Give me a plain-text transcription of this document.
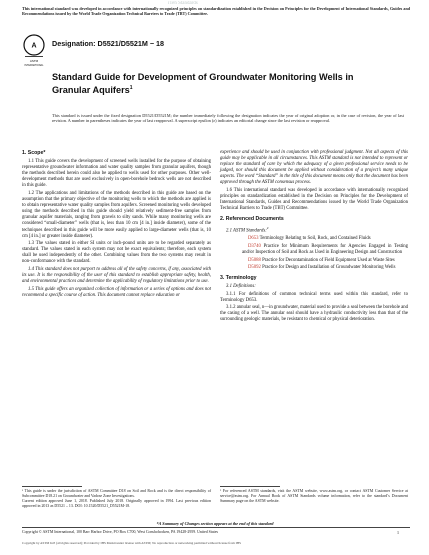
iTeh Standards
This international standard was developed in accordance with internationally recognized principles on standardization established in the Decision on Principles for the Development of International Standards, Guides and Recommendations issued by the World Trade Organization Technical Barriers to Trade (TBT) Committee.
A
ASTM
INTERNATIONAL
Designation: D5521/D5521M − 18
Standard Guide for Development of Groundwater Monitoring Wells in Granular Aquifers$^1$
This standard is issued under the fixed designation D5521/D5521M; the number immediately following the designation indicates the year of original adoption or, in the case of revision, the year of last revision. A number in parentheses indicates the year of last reapproval. A superscript epsilon (ε) indicates an editorial change since the last revision or reapproval.
1. Scope*

1.1 This guide covers the development of screened wells installed for the purpose of obtaining representative groundwater information and water quality samples from granular aquifers, though the methods described herein could also be applied to wells used for other purposes. Other well-development methods that are used exclusively in open-borehole bedrock wells are not described in this guide.

1.2 The applications and limitations of the methods described in this guide are based on the assumption that the primary objective of the monitoring wells to which the methods are applied is to obtain representative water quality samples from aquifers. Screened monitoring wells developed using the methods described in this guide should yield relatively sediment-free samples from granular aquifer materials, ranging from gravels to silty sands. While many monitoring wells are considered “small-diameter” wells (that is, less than 10 cm [4 in.] inside diameter), some of the techniques described in this guide will be more easily applied to large-diameter wells (that is, 10 cm [4 in.] or greater inside diameter).

1.3 The values stated in either SI units or inch-pound units are to be regarded separately as standard. The values stated in each system may not be exact equivalents; therefore, each system shall be used independently of the other. Combining values from the two systems may result in non-conformance with the standard.

1.4 This standard does not purport to address all of the safety concerns, if any, associated with its use. It is the responsibility of the user of this standard to establish appropriate safety, health, and environmental practices and determine the applicability of regulatory limitations prior to use.

1.5 This guide offers an organized collection of information or a series of options and does not recommend a specific course of action. This document cannot replace education or

experience and should be used in conjunction with professional judgment. Not all aspects of this guide may be applicable in all circumstances. This ASTM standard is not intended to represent or replace the standard of care by which the adequacy of a given professional service needs to be judged, nor should this document be applied without consideration of a project’s many unique aspects. The word “Standard” in the title of this document means only that the document has been approved through the ASTM consensus process.

1.6 This international standard was developed in accordance with internationally recognized principles on standardization established in the Decision on Principles for the Development of International Standards, Guides and Recommendations issued by the World Trade Organization Technical Barriers to Trade (TBT) Committee.

2. Referenced Documents

2.1 ASTM Standards:$^2$

D653 Terminology Relating to Soil, Rock, and Contained Fluids

D3740 Practice for Minimum Requirements for Agencies Engaged in Testing and/or Inspection of Soil and Rock as Used in Engineering Design and Construction

D5088 Practice for Decontamination of Field Equipment Used at Waste Sites

D5092 Practice for Design and Installation of Groundwater Monitoring Wells

3. Terminology

3.1 Definitions:

3.1.1 For definitions of common technical terms used within this standard, refer to Terminology D653.

3.1.2 annular seal, n—in groundwater, material used to provide a seal between the borehole and the casing of a well. The annular seal should have a hydraulic conductivity less than that of the surrounding geologic materials, be resistant to chemical or physical deterioration.

¹ This guide is under the jurisdiction of ASTM Committee D18 on Soil and Rock and is the direct responsibility of Subcommittee D18.21 on Groundwater and Vadose Zone Investigations.
Current edition approved June 1, 2018. Published July 2018. Originally approved in 1994. Last previous edition approved in 2013 as D5521 – 13. DOI: 10.1520/D5521_D5521M-18.
² For referenced ASTM standards, visit the ASTM website, www.astm.org, or contact ASTM Customer Service at service@astm.org. For Annual Book of ASTM Standards volume information, refer to the standard’s Document Summary page on the ASTM website.
*A Summary of Changes section appears at the end of this standard
Copyright © ASTM International, 100 Barr Harbor Drive, PO Box C700, West Conshohocken, PA 19428-2959. United States	1
Copyright by ASTM Int'l (all rights reserved); Provided by IHS Markit under license with ASTM; No reproduction or networking permitted without license from IHS
